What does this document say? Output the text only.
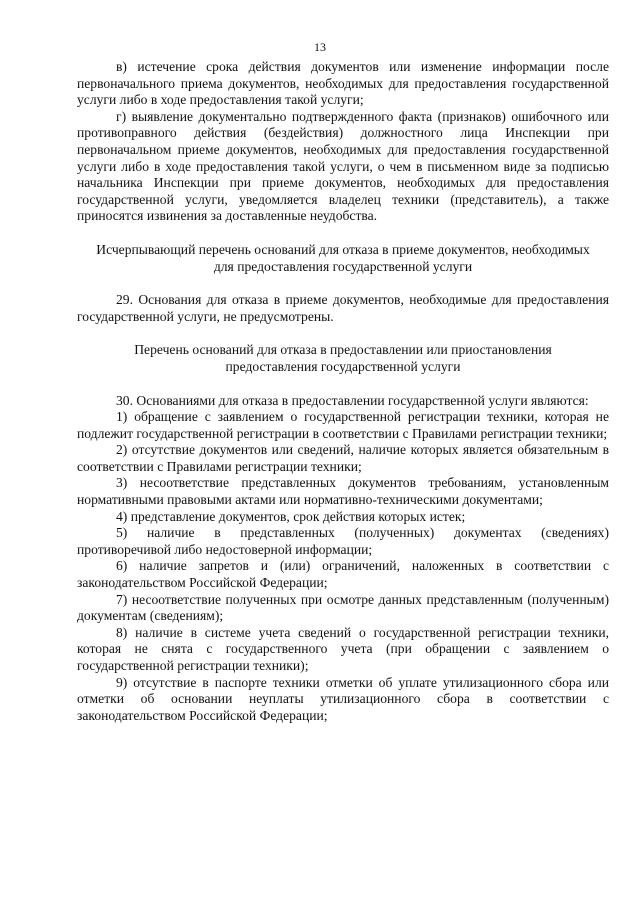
13

в) истечение срока действия документов или изменение информации после первоначального приема документов, необходимых для предоставления государственной услуги либо в ходе предоставления такой услуги;

г) выявление документально подтвержденного факта (признаков) ошибочного или противоправного действия (бездействия) должностного лица Инспекции при первоначальном приеме документов, необходимых для предоставления государственной услуги либо в ходе предоставления такой услуги, о чем в письменном виде за подписью начальника Инспекции при приеме документов, необходимых для предоставления государственной услуги, уведомляется владелец техники (представитель), а также приносятся извинения за доставленные неудобства.

Исчерпывающий перечень оснований для отказа в приеме документов, необходимых для предоставления государственной услуги

29. Основания для отказа в приеме документов, необходимые для предоставления государственной услуги, не предусмотрены.

Перечень оснований для отказа в предоставлении или приостановления предоставления государственной услуги

30. Основаниями для отказа в предоставлении государственной услуги являются:

1) обращение с заявлением о государственной регистрации техники, которая не подлежит государственной регистрации в соответствии с Правилами регистрации техники;

2) отсутствие документов или сведений, наличие которых является обязательным в соответствии с Правилами регистрации техники;

3) несоответствие представленных документов требованиям, установленным нормативными правовыми актами или нормативно-техническими документами;

4) представление документов, срок действия которых истек;

5) наличие в представленных (полученных) документах (сведениях) противоречивой либо недостоверной информации;

6) наличие запретов и (или) ограничений, наложенных в соответствии с законодательством Российской Федерации;

7) несоответствие полученных при осмотре данных представленным (полученным) документам (сведениям);

8) наличие в системе учета сведений о государственной регистрации техники, которая не снята с государственного учета (при обращении с заявлением о государственной регистрации техники);

9) отсутствие в паспорте техники отметки об уплате утилизационного сбора или отметки об основании неуплаты утилизационного сбора в соответствии с законодательством Российской Федерации;
